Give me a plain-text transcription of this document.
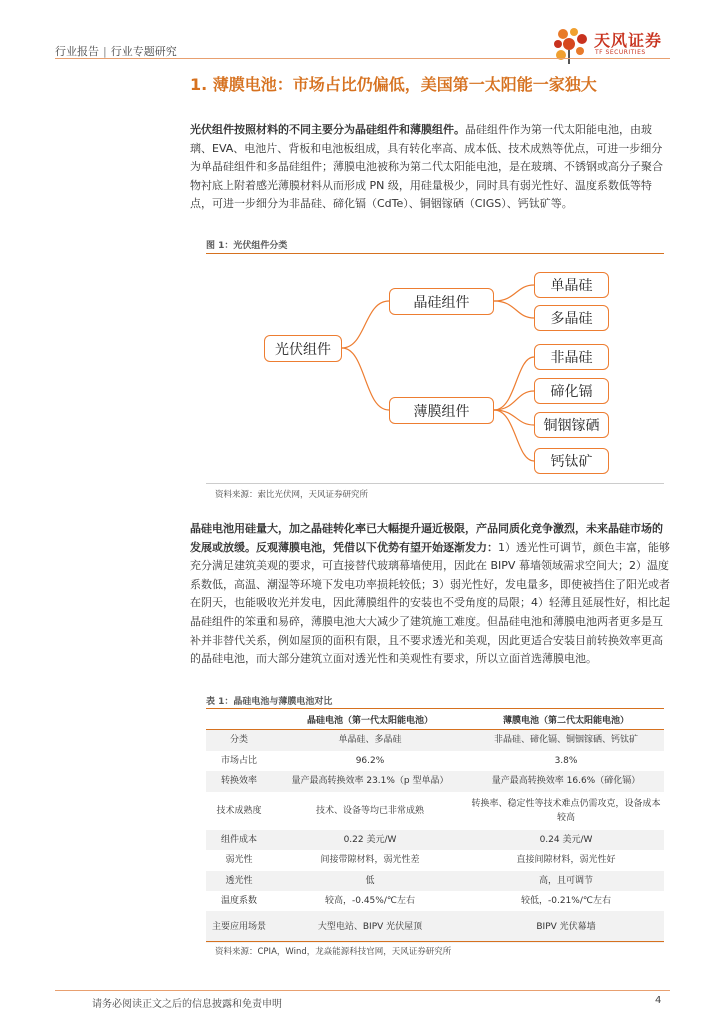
行业报告 | 行业专题研究
天风证券
TF SECURITIES
1. 薄膜电池：市场占比仍偏低，美国第一太阳能一家独大
光伏组件按照材料的不同主要分为晶硅组件和薄膜组件。晶硅组件作为第一代太阳能电池，由玻璃、EVA、电池片、背板和电池板组成，具有转化率高、成本低、技术成熟等优点，可进一步细分为单晶硅组件和多晶硅组件；薄膜电池被称为第二代太阳能电池，是在玻璃、不锈钢或高分子聚合物衬底上附着感光薄膜材料从而形成 PN 级，用硅量极少，同时具有弱光性好、温度系数低等特点，可进一步细分为非晶硅、碲化镉（CdTe）、铜铟镓硒（CIGS）、钙钛矿等。
图 1：光伏组件分类
光伏组件
晶硅组件
薄膜组件
单晶硅
多晶硅
非晶硅
碲化镉
铜铟镓硒
钙钛矿
资料来源：索比光伏网，天风证券研究所
晶硅电池用硅量大，加之晶硅转化率已大幅提升逼近极限，产品同质化竞争激烈，未来晶硅市场的发展或放缓。反观薄膜电池，凭借以下优势有望开始逐渐发力：1）透光性可调节，颜色丰富，能够充分满足建筑美观的要求，可直接替代玻璃幕墙使用，因此在 BIPV 幕墙领域需求空间大；2）温度系数低，高温、潮湿等环境下发电功率损耗较低；3）弱光性好，发电量多，即使被挡住了阳光或者在阴天，也能吸收光并发电，因此薄膜组件的安装也不受角度的局限；4）轻薄且延展性好，相比起晶硅组件的笨重和易碎，薄膜电池大大减少了建筑施工难度。但晶硅电池和薄膜电池两者更多是互补并非替代关系，例如屋顶的面积有限，且不要求透光和美观，因此更适合安装目前转换效率更高的晶硅电池，而大部分建筑立面对透光性和美观性有要求，所以立面首选薄膜电池。
表 1：晶硅电池与薄膜电池对比
	晶硅电池（第一代太阳能电池）	薄膜电池（第二代太阳能电池）
分类	单晶硅、多晶硅	非晶硅、碲化镉、铜铟镓硒、钙钛矿
市场占比	96.2%	3.8%
转换效率	量产最高转换效率 23.1%（p 型单晶）	量产最高转换效率 16.6%（碲化镉）
技术成熟度	技术、设备等均已非常成熟	转换率、稳定性等技术难点仍需攻克，设备成本较高
组件成本	0.22 美元/W	0.24 美元/W
弱光性	间接带隙材料，弱光性差	直接间隙材料，弱光性好
透光性	低	高，且可调节
温度系数	较高，-0.45%/℃左右	较低，-0.21%/℃左右
主要应用场景	大型电站、BIPV 光伏屋顶	BIPV 光伏幕墙
资料来源：CPIA，Wind，龙焱能源科技官网，天风证券研究所
请务必阅读正文之后的信息披露和免责申明	4
